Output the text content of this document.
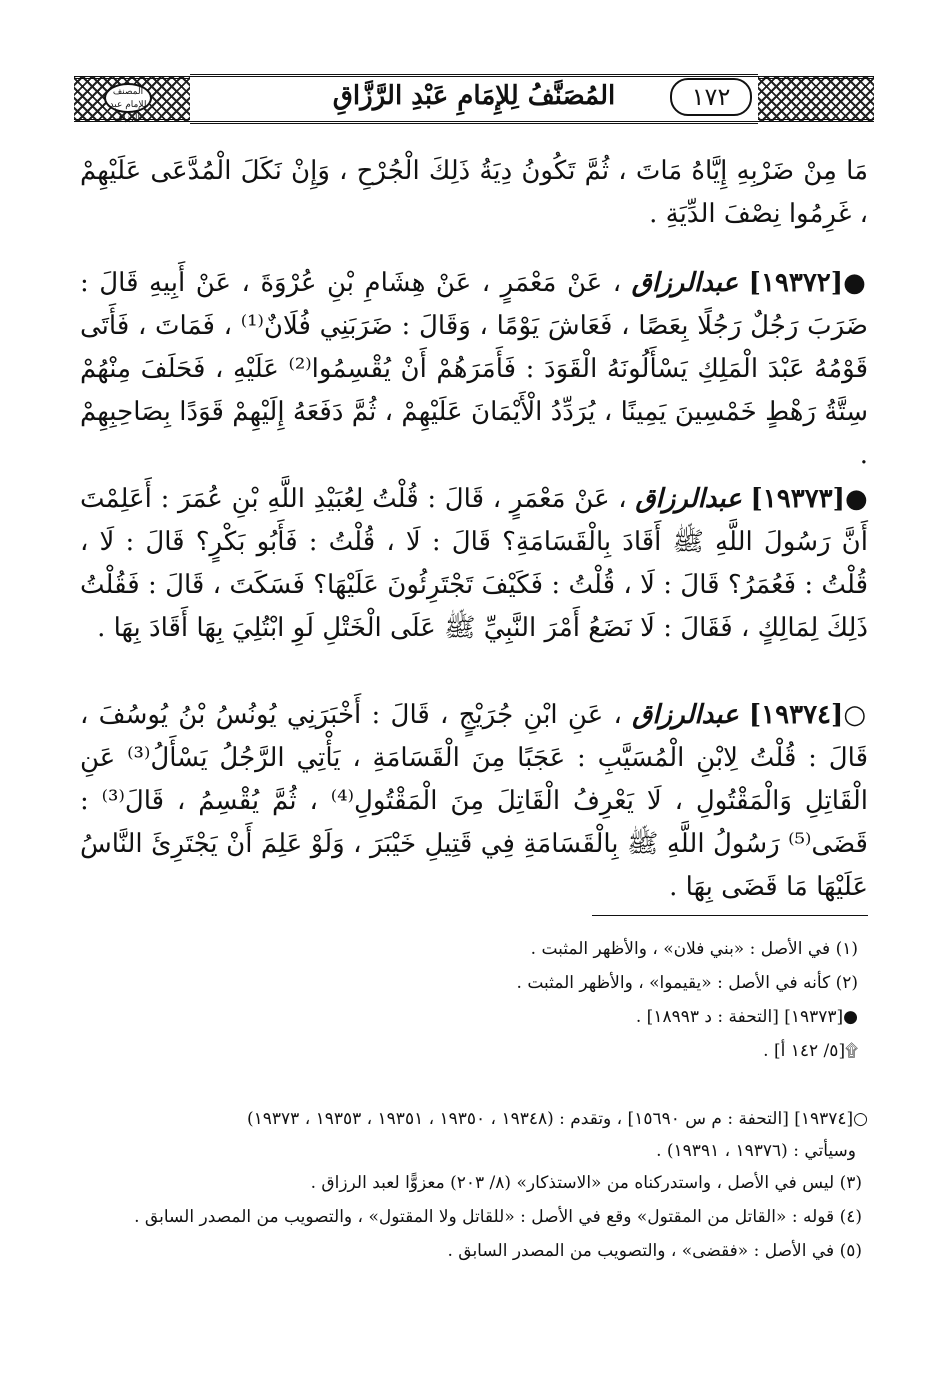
المصنف للإمام عبد الرزاق
المُصَنَّفُ لِلإِمَامِ عَبْدِ الرَّزَّاقِ	١٧٢

مَا مِنْ ضَرْبِهِ إِيَّاهُ مَاتَ ، ثُمَّ تَكُونُ دِيَةُ ذَلِكَ الْجُرْحِ ، وَإِنْ نَكَلَ الْمُدَّعَى عَلَيْهِمْ ، غَرِمُوا نِصْفَ الدِّيَةِ .

●[١٩٣٧٢] عبدالرزاق ، عَنْ مَعْمَرٍ ، عَنْ هِشَامِ بْنِ عُرْوَةَ ، عَنْ أَبِيهِ قَالَ : ضَرَبَ رَجُلٌ رَجُلًا بِعَصًا ، فَعَاشَ يَوْمًا ، وَقَالَ : ضَرَبَنِي فُلَانٌ⁽¹⁾ ، فَمَاتَ ، فَأَتَى قَوْمُهُ عَبْدَ الْمَلِكِ يَسْأَلُونَهُ الْقَوَدَ : فَأَمَرَهُمْ أَنْ يُقْسِمُوا⁽²⁾ عَلَيْهِ ، فَحَلَفَ مِنْهُمْ سِتَّةُ رَهْطٍ خَمْسِينَ يَمِينًا ، يُرَدِّدُ الْأَيْمَانَ عَلَيْهِمْ ، ثُمَّ دَفَعَهُ إِلَيْهِمْ قَوَدًا بِصَاحِبِهِمْ .

●[١٩٣٧٣] عبدالرزاق ، عَنْ مَعْمَرٍ ، قَالَ : قُلْتُ لِعُبَيْدِ اللَّهِ بْنِ عُمَرَ : أَعَلِمْتَ أَنَّ رَسُولَ اللَّهِ ﷺ أَقَادَ بِالْقَسَامَةِ؟ قَالَ : لَا ، قُلْتُ : فَأَبُو بَكْرٍ؟ قَالَ : لَا ، قُلْتُ : فَعُمَرُ؟ قَالَ : لَا ، قُلْتُ : فَكَيْفَ تَجْتَرِئُونَ عَلَيْهَا؟ فَسَكَتَ ، قَالَ : فَقُلْتُ ذَلِكَ لِمَالِكٍ ، فَقَالَ : لَا نَضَعُ أَمْرَ النَّبِيِّ ﷺ عَلَى الْخَتْلِ لَوِ ابْتُلِيَ بِهَا أَقَادَ بِهَا .

○[١٩٣٧٤] عبدالرزاق ، عَنِ ابْنِ جُرَيْجٍ ، قَالَ : أَخْبَرَنِي يُونُسُ بْنُ يُوسُفَ ، قَالَ : قُلْتُ لِابْنِ الْمُسَيَّبِ : عَجَبًا مِنَ الْقَسَامَةِ ، يَأْتِي الرَّجُلُ يَسْأَلُ⁽³⁾ عَنِ الْقَاتِلِ وَالْمَقْتُولِ ، لَا يَعْرِفُ الْقَاتِلَ مِنَ الْمَقْتُولِ⁽⁴⁾ ، ثُمَّ يُقْسِمُ ، قَالَ⁽³⁾ : قَضَى⁽⁵⁾ رَسُولُ اللَّهِ ﷺ بِالْقَسَامَةِ فِي قَتِيلِ خَيْبَرَ ، وَلَوْ عَلِمَ أَنْ يَجْتَرِئَ النَّاسُ عَلَيْهَا مَا قَضَى بِهَا .

(١) في الأصل : «بني فلان» ، والأظهر المثبت .

(٢) كأنه في الأصل : «يقيموا» ، والأظهر المثبت .

●[١٩٣٧٣] [التحفة : د ١٨٩٩٣] .

۩[٥/ ١٤٢ أ] .

○[١٩٣٧٤] [التحفة : م س ١٥٦٩٠] ، وتقدم : (١٩٣٤٨ ، ١٩٣٥٠ ، ١٩٣٥١ ، ١٩٣٥٣ ، ١٩٣٧٣)

وسيأتي : (١٩٣٧٦ ، ١٩٣٩١) .

(٣) ليس في الأصل ، واستدركناه من «الاستذكار» (٨/ ٢٠٣) معزوًّا لعبد الرزاق .

(٤) قوله : «القاتل من المقتول» وقع في الأصل : «للقاتل ولا المقتول» ، والتصويب من المصدر السابق .

(٥) في الأصل : «فقضى» ، والتصويب من المصدر السابق .
